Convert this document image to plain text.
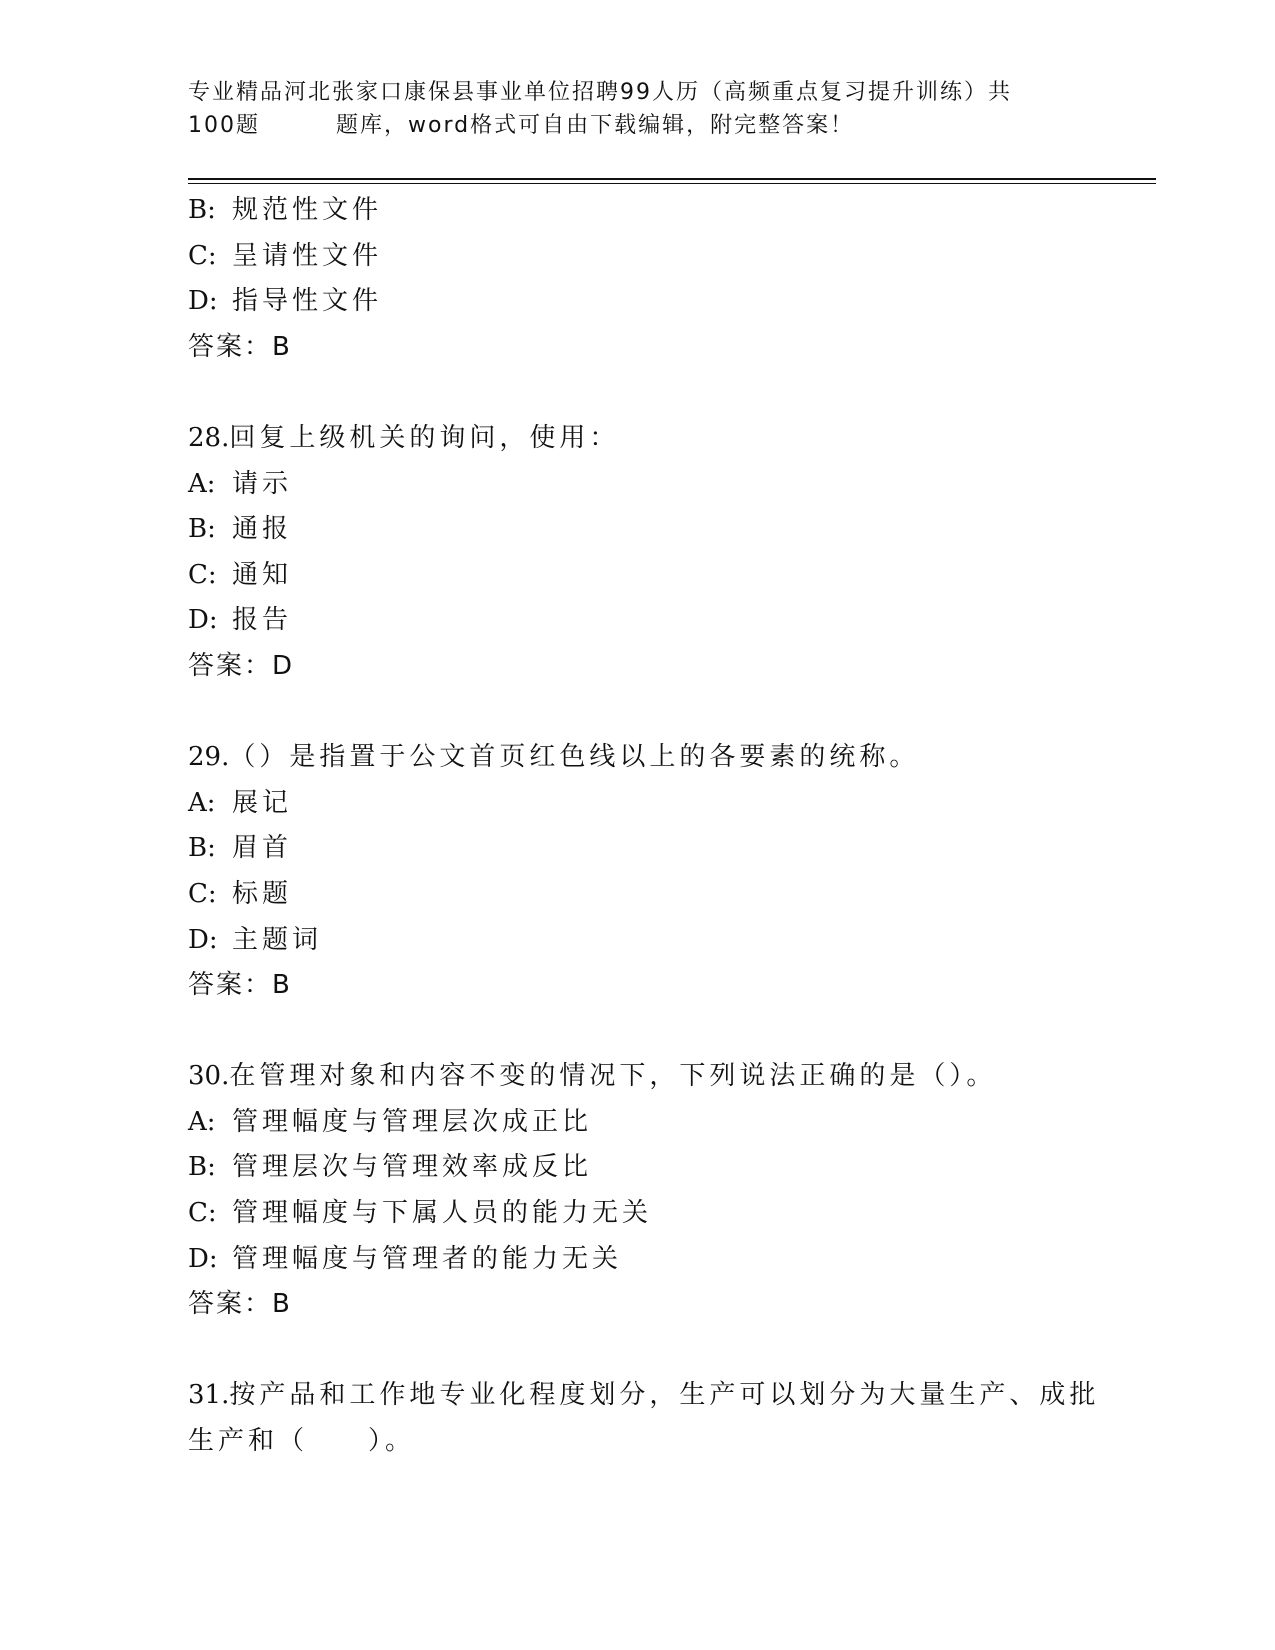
专业精品河北张家口康保县事业单位招聘99人历（高频重点复习提升训练）共
100题	题库，word格式可自由下载编辑，附完整答案！
B: 规范性文件
C: 呈请性文件
D: 指导性文件
答案：B
28.回复上级机关的询问，使用：
A: 请示
B: 通报
C: 通知
D: 报告
答案：D
29.（）是指置于公文首页红色线以上的各要素的统称。
A: 展记
B: 眉首
C: 标题
D: 主题词
答案：B
30.在管理对象和内容不变的情况下，下列说法正确的是（）。
A: 管理幅度与管理层次成正比
B: 管理层次与管理效率成反比
C: 管理幅度与下属人员的能力无关
D: 管理幅度与管理者的能力无关
答案：B
31.按产品和工作地专业化程度划分，生产可以划分为大量生产、成批
生产和（ ）。
